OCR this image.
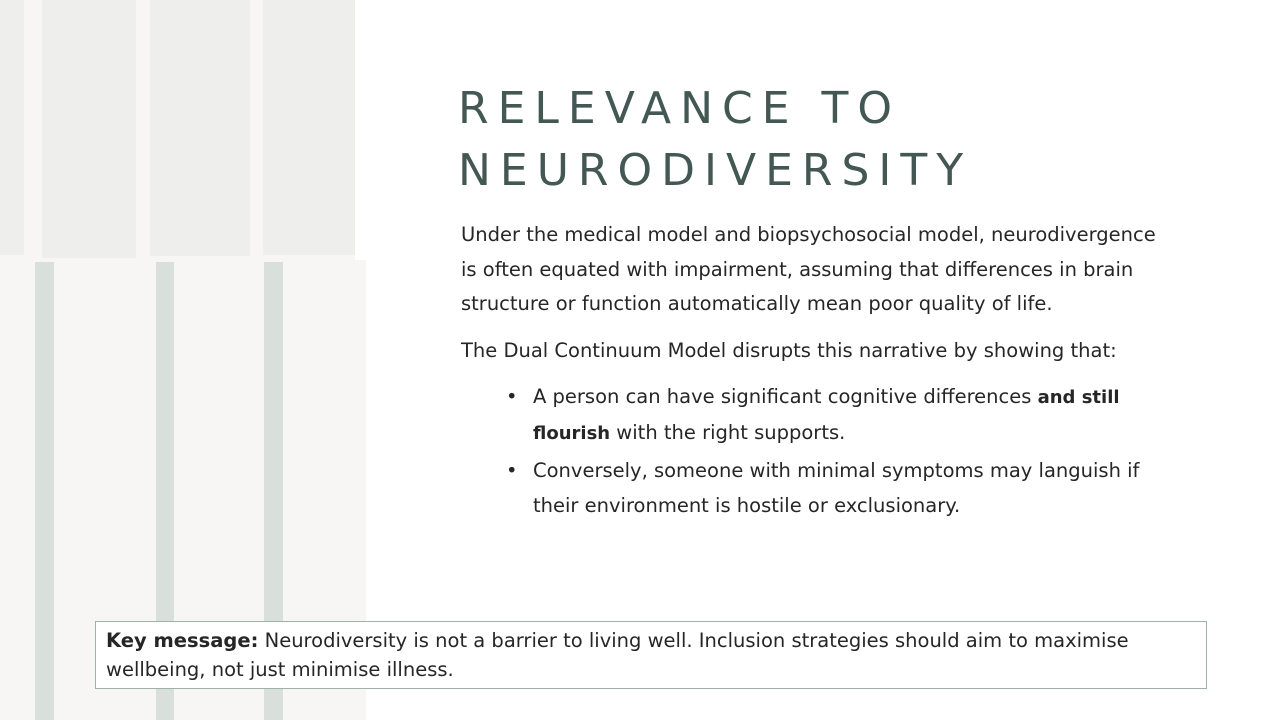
RELEVANCE TO
NEURODIVERSITY

Under the medical model and biopsychosocial model, neurodivergence is often equated with impairment, assuming that differences in brain structure or function automatically mean poor quality of life.

The Dual Continuum Model disrupts this narrative by showing that:

• A person can have significant cognitive differences and still flourish with the right supports.
• Conversely, someone with minimal symptoms may languish if their environment is hostile or exclusionary.
Key message: Neurodiversity is not a barrier to living well. Inclusion strategies should aim to maximise wellbeing, not just minimise illness.
